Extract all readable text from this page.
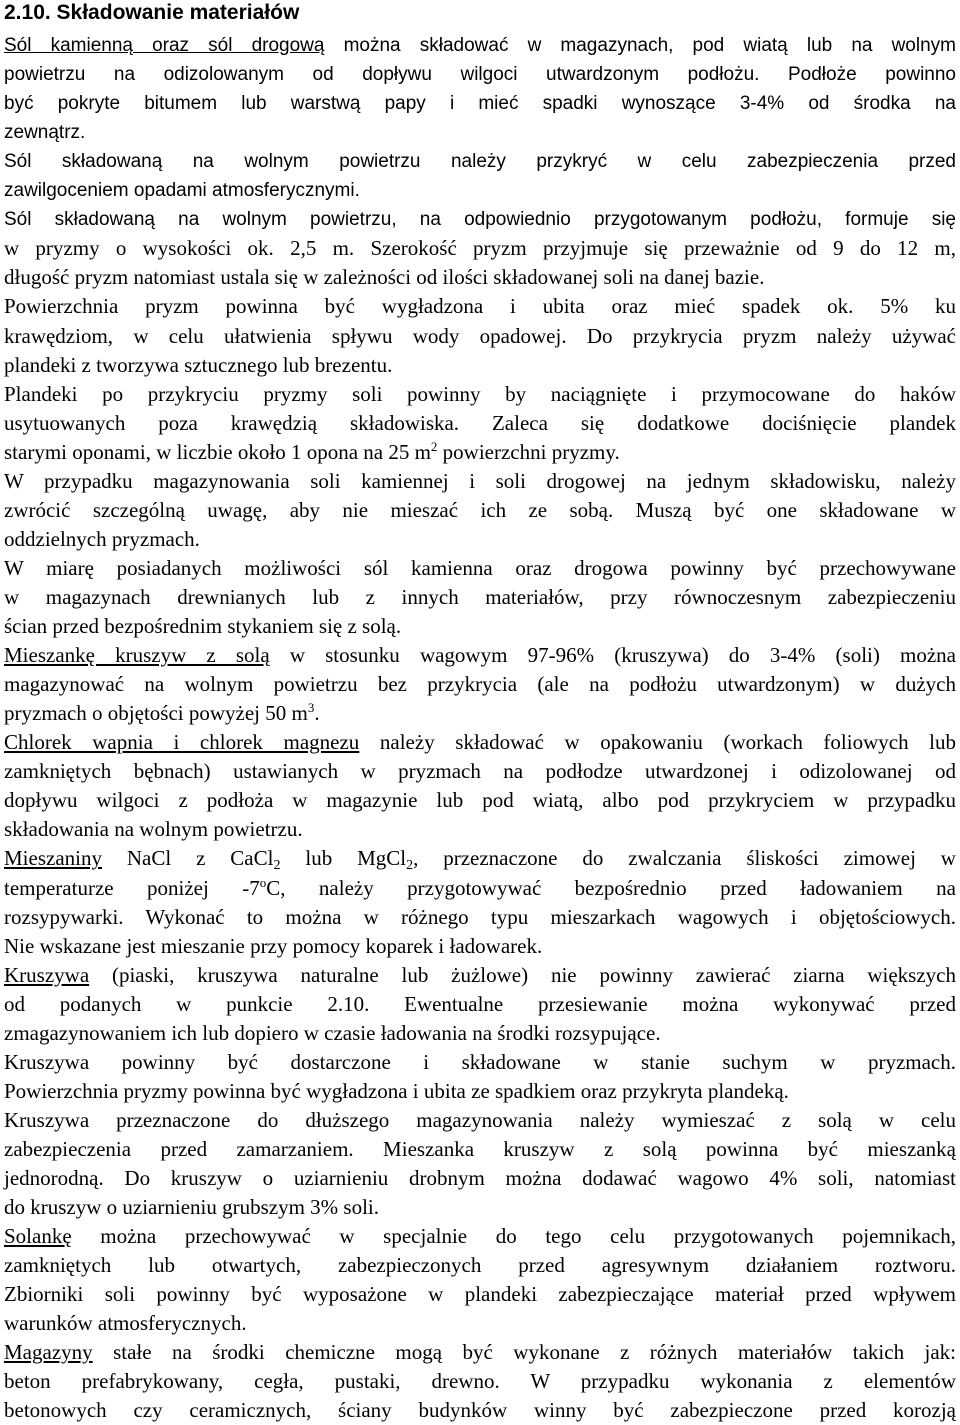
2.10. Składowanie materiałów

Sól kamienną oraz sól drogową można składować w magazynach, pod wiatą lub na wolnym

powietrzu na odizolowanym od dopływu wilgoci utwardzonym podłożu. Podłoże powinno

być pokryte bitumem lub warstwą papy i mieć spadki wynoszące 3-4% od środka na

zewnątrz.

Sól składowaną na wolnym powietrzu należy przykryć w celu zabezpieczenia przed

zawilgoceniem opadami atmosferycznymi.

Sól składowaną na wolnym powietrzu, na odpowiednio przygotowanym podłożu, formuje się

w pryzmy o wysokości ok. 2,5 m. Szerokość pryzm przyjmuje się przeważnie od 9 do 12 m,

długość pryzm natomiast ustala się w zależności od ilości składowanej soli na danej bazie.

Powierzchnia pryzm powinna być wygładzona i ubita oraz mieć spadek ok. 5% ku

krawędziom, w celu ułatwienia spływu wody opadowej. Do przykrycia pryzm należy używać

plandeki z tworzywa sztucznego lub brezentu.

Plandeki po przykryciu pryzmy soli powinny by naciągnięte i przymocowane do haków

usytuowanych poza krawędzią składowiska. Zaleca się dodatkowe dociśnięcie plandek

starymi oponami, w liczbie około 1 opona na 25 $m^2$ powierzchni pryzmy.

W przypadku magazynowania soli kamiennej i soli drogowej na jednym składowisku, należy

zwrócić szczególną uwagę, aby nie mieszać ich ze sobą. Muszą być one składowane w

oddzielnych pryzmach.

W miarę posiadanych możliwości sól kamienna oraz drogowa powinny być przechowywane

w magazynach drewnianych lub z innych materiałów, przy równoczesnym zabezpieczeniu

ścian przed bezpośrednim stykaniem się z solą.

Mieszankę kruszyw z solą w stosunku wagowym 97-96% (kruszywa) do 3-4% (soli) można

magazynować na wolnym powietrzu bez przykrycia (ale na podłożu utwardzonym) w dużych

pryzmach o objętości powyżej 50 $m^3$.

Chlorek wapnia i chlorek magnezu należy składować w opakowaniu (workach foliowych lub

zamkniętych bębnach) ustawianych w pryzmach na podłodze utwardzonej i odizolowanej od

dopływu wilgoci z podłoża w magazynie lub pod wiatą, albo pod przykryciem w przypadku

składowania na wolnym powietrzu.

Mieszaniny NaCl z CaCl$_2$ lub MgCl$_2$, przeznaczone do zwalczania śliskości zimowej w

temperaturze poniżej -7$^o$C, należy przygotowywać bezpośrednio przed ładowaniem na

rozsypywarki. Wykonać to można w różnego typu mieszarkach wagowych i objętościowych.

Nie wskazane jest mieszanie przy pomocy koparek i ładowarek.

Kruszywa (piaski, kruszywa naturalne lub żużlowe) nie powinny zawierać ziarna większych

od podanych w punkcie 2.10. Ewentualne przesiewanie można wykonywać przed

zmagazynowaniem ich lub dopiero w czasie ładowania na środki rozsypujące.

Kruszywa powinny być dostarczone i składowane w stanie suchym w pryzmach.

Powierzchnia pryzmy powinna być wygładzona i ubita ze spadkiem oraz przykryta plandeką.

Kruszywa przeznaczone do dłuższego magazynowania należy wymieszać z solą w celu

zabezpieczenia przed zamarzaniem. Mieszanka kruszyw z solą powinna być mieszanką

jednorodną. Do kruszyw o uziarnieniu drobnym można dodawać wagowo 4% soli, natomiast

do kruszyw o uziarnieniu grubszym 3% soli.

Solankę można przechowywać w specjalnie do tego celu przygotowanych pojemnikach,

zamkniętych lub otwartych, zabezpieczonych przed agresywnym działaniem roztworu.

Zbiorniki soli powinny być wyposażone w plandeki zabezpieczające materiał przed wpływem

warunków atmosferycznych.

Magazyny stałe na środki chemiczne mogą być wykonane z różnych materiałów takich jak:

beton prefabrykowany, cegła, pustaki, drewno. W przypadku wykonania z elementów

betonowych czy ceramicznych, ściany budynków winny być zabezpieczone przed korozją
